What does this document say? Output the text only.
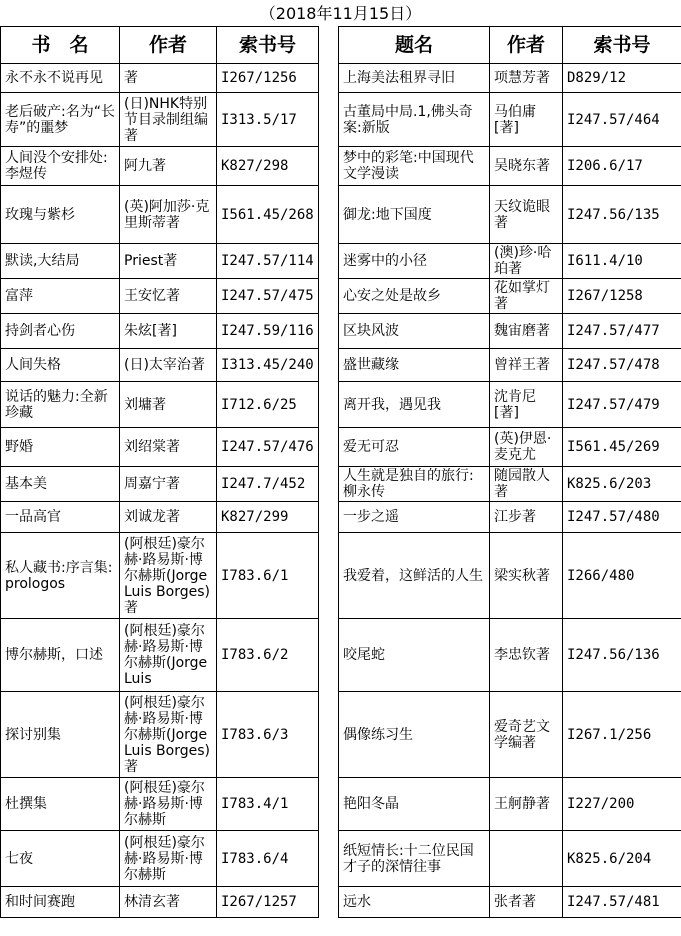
（2018年11月15日）
书　名	作者	索书号		题名	作者	索书号

永不永不说再见	著	I267/1256		上海美法租界寻旧	项慧芳著	D829/12

老后破产:名为“长寿”的噩梦	(日)NHK特别节目录制组编著	I313.5/17		古董局中局.1,佛头奇案:新版	马伯庸[著]	I247.57/464

人间没个安排处:李煜传	阿九著	K827/298		梦中的彩笔:中国现代文学漫读	吴晓东著	I206.6/17

玫瑰与紫杉	(英)阿加莎·克里斯蒂著	I561.45/268		御龙:地下国度	天纹诡眼著	I247.56/135

默读,大结局	Priest著	I247.57/114		迷雾中的小径	(澳)珍·哈珀著	I611.4/10

富萍	王安忆著	I247.57/475		心安之处是故乡	花如掌灯著	I267/1258

持剑者心伤	朱炫[著]	I247.59/116		区块风波	魏宙磨著	I247.57/477

人间失格	(日)太宰治著	I313.45/240		盛世藏缘	曾祥王著	I247.57/478

说话的魅力:全新珍藏	刘墉著	I712.6/25		离开我，遇见我	沈肯尼[著]	I247.57/479

野婚	刘绍棠著	I247.57/476		爱无可忍	(英)伊恩·麦克尤	I561.45/269

基本美	周嘉宁著	I247.7/452		人生就是独自的旅行:柳永传	随园散人著	K825.6/203

一品高官	刘诚龙著	K827/299		一步之遥	江步著	I247.57/480

私人藏书:序言集:prologos	(阿根廷)豪尔赫·路易斯·博尔赫斯(Jorge Luis Borges)著	I783.6/1		我爱着，这鲜活的人生	梁实秋著	I266/480

博尔赫斯，口述	(阿根廷)豪尔赫·路易斯·博尔赫斯(Jorge Luis	I783.6/2		咬尾蛇	李忠钦著	I247.56/136

探讨别集	(阿根廷)豪尔赫·路易斯·博尔赫斯(Jorge Luis Borges)著	I783.6/3		偶像练习生	爱奇艺文学编著	I267.1/256

杜撰集	(阿根廷)豪尔赫·路易斯·博尔赫斯	I783.4/1		艳阳冬晶	王舸静著	I227/200

七夜	(阿根廷)豪尔赫·路易斯·博尔赫斯	I783.6/4		纸短情长:十二位民国才子的深情往事		K825.6/204

和时间赛跑	林清玄著	I267/1257		远水	张者著	I247.57/481
